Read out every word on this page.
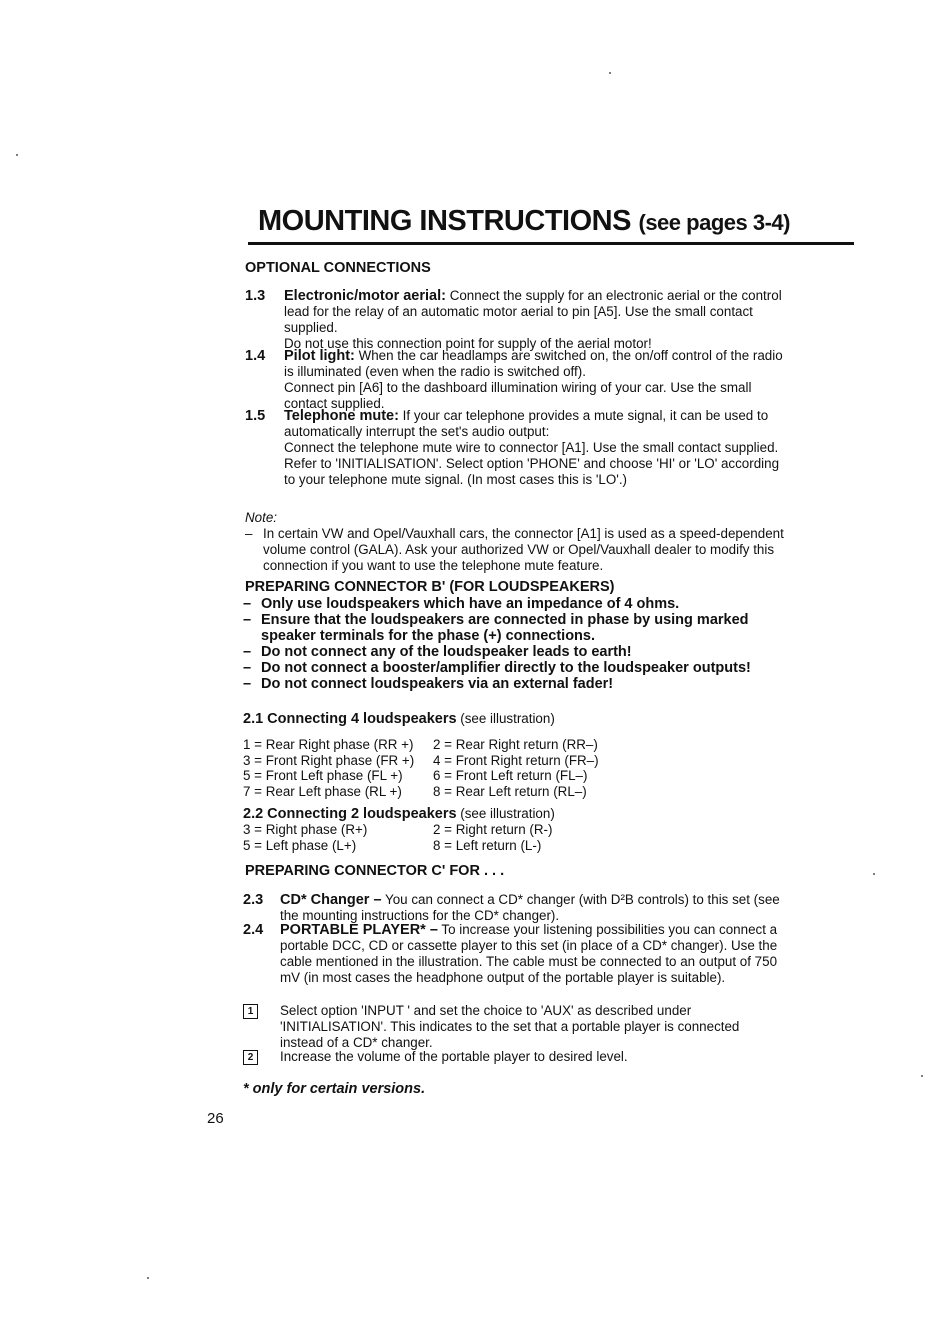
MOUNTING INSTRUCTIONS (see pages 3-4)
OPTIONAL CONNECTIONS
1.3 Electronic/motor aerial: Connect the supply for an electronic aerial or the control lead for the relay of an automatic motor aerial to pin [A5]. Use the small contact supplied.

Do not use this connection point for supply of the aerial motor!

1.4 Pilot light: When the car headlamps are switched on, the on/off control of the radio is illuminated (even when the radio is switched off).

Connect pin [A6] to the dashboard illumination wiring of your car. Use the small contact supplied.

1.5 Telephone mute: If your car telephone provides a mute signal, it can be used to automatically interrupt the set's audio output:

Connect the telephone mute wire to connector [A1]. Use the small contact supplied.

Refer to 'INITIALISATION'. Select option 'PHONE' and choose 'HI' or 'LO' according to your telephone mute signal. (In most cases this is 'LO'.)

Note:
– In certain VW and Opel/Vauxhall cars, the connector [A1] is used as a speed-dependent volume control (GALA). Ask your authorized VW or Opel/Vauxhall dealer to modify this connection if you want to use the telephone mute feature.
PREPARING CONNECTOR B' (FOR LOUDSPEAKERS)

– Only use loudspeakers which have an impedance of 4 ohms.

– Ensure that the loudspeakers are connected in phase by using marked speaker terminals for the phase (+) connections.

– Do not connect any of the loudspeaker leads to earth!

– Do not connect a booster/amplifier directly to the loudspeaker outputs!

– Do not connect loudspeakers via an external fader!

2.1 Connecting 4 loudspeakers (see illustration)
1 = Rear Right phase (RR +)	2 = Rear Right return (RR–)
3 = Front Right phase (FR +)	4 = Front Right return (FR–)
5 = Front Left phase (FL +)	6 = Front Left return (FL–)
7 = Rear Left phase (RL +)	8 = Rear Left return (RL–)
2.2 Connecting 2 loudspeakers (see illustration)
3 = Right phase (R+)	2 = Right return (R-)
5 = Left phase (L+)	8 = Left return (L-)
PREPARING CONNECTOR C' FOR . . .
2.3 CD* Changer – You can connect a CD* changer (with D²B controls) to this set (see the mounting instructions for the CD* changer).

2.4 PORTABLE PLAYER* – To increase your listening possibilities you can connect a portable DCC, CD or cassette player to this set (in place of a CD* changer). Use the cable mentioned in the illustration. The cable must be connected to an output of 750 mV (in most cases the headphone output of the portable player is suitable).

1	Select option 'INPUT ' and set the choice to 'AUX' as described under 'INITIALISATION'. This indicates to the set that a portable player is connected instead of a CD* changer.
2	Increase the volume of the portable player to desired level.
* only for certain versions.
26
